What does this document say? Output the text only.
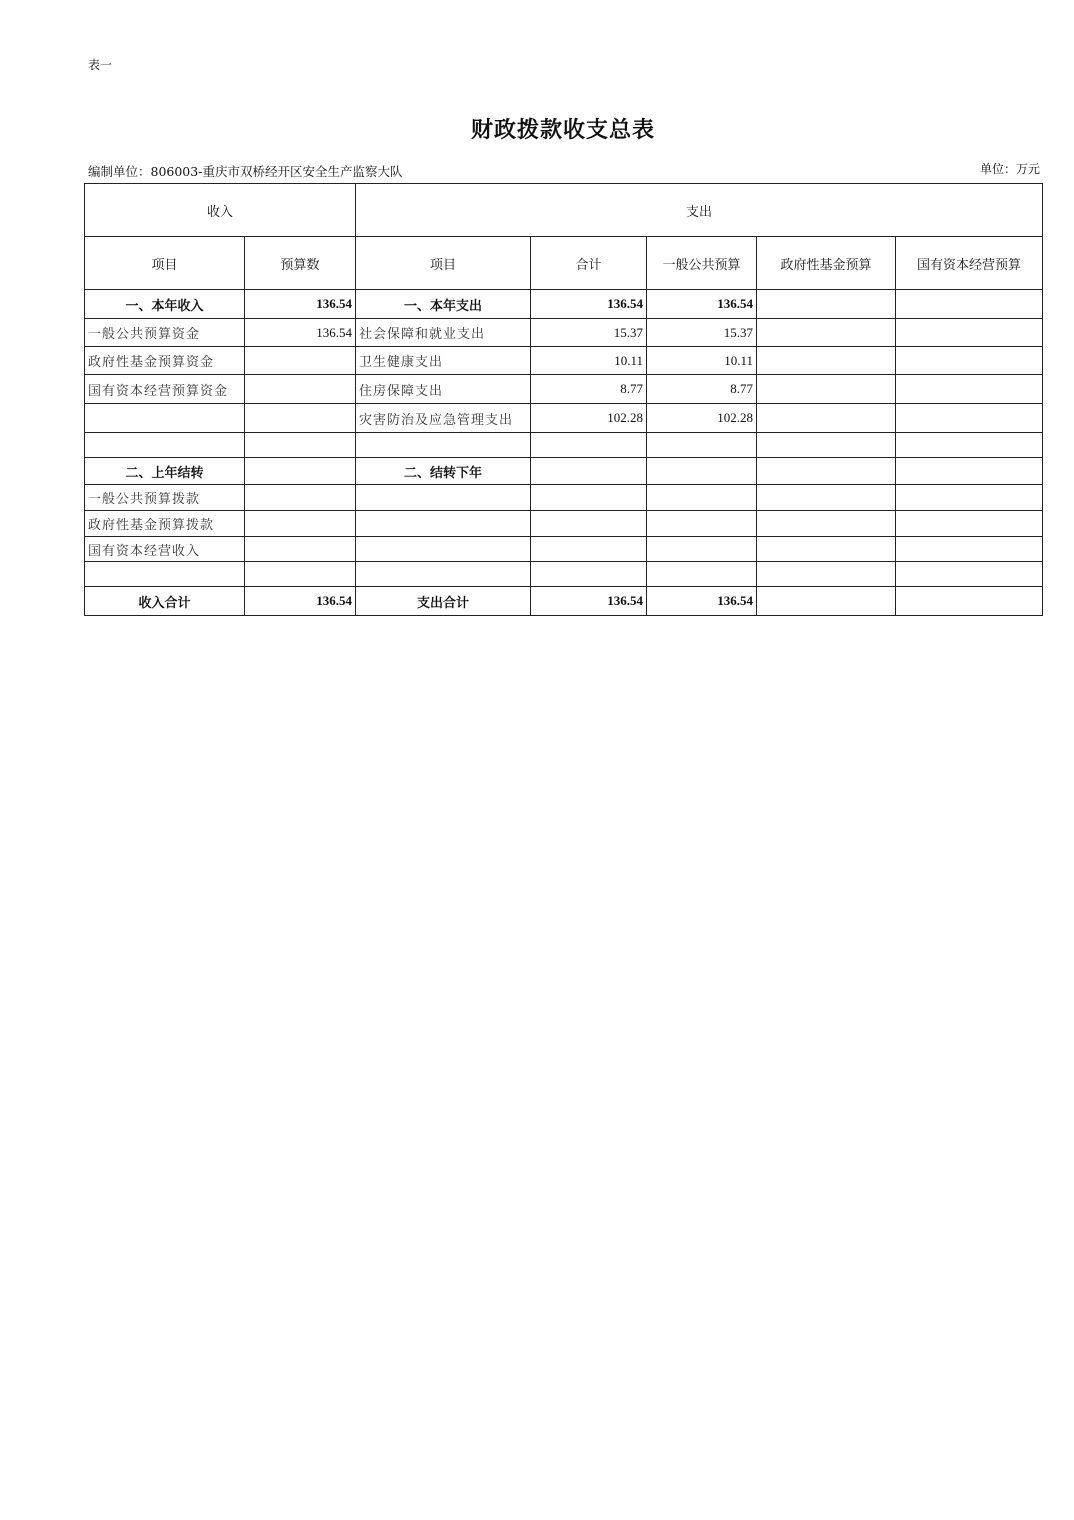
表一
财政拨款收支总表
编制单位：806003-重庆市双桥经开区安全生产监察大队	单位：万元
收入		支出				
项目	预算数	项目	合计	一般公共预算	政府性基金预算	国有资本经营预算
一、本年收入	136.54	一、本年支出	136.54	136.54		
一般公共预算资金	136.54	社会保障和就业支出	15.37	15.37		
政府性基金预算资金		卫生健康支出	10.11	10.11		
国有资本经营预算资金		住房保障支出	8.77	8.77		
		灾害防治及应急管理支出	102.28	102.28		

二、上年结转		二、结转下年				
一般公共预算拨款						
政府性基金预算拨款						
国有资本经营收入						

收入合计	136.54	支出合计	136.54	136.54		
